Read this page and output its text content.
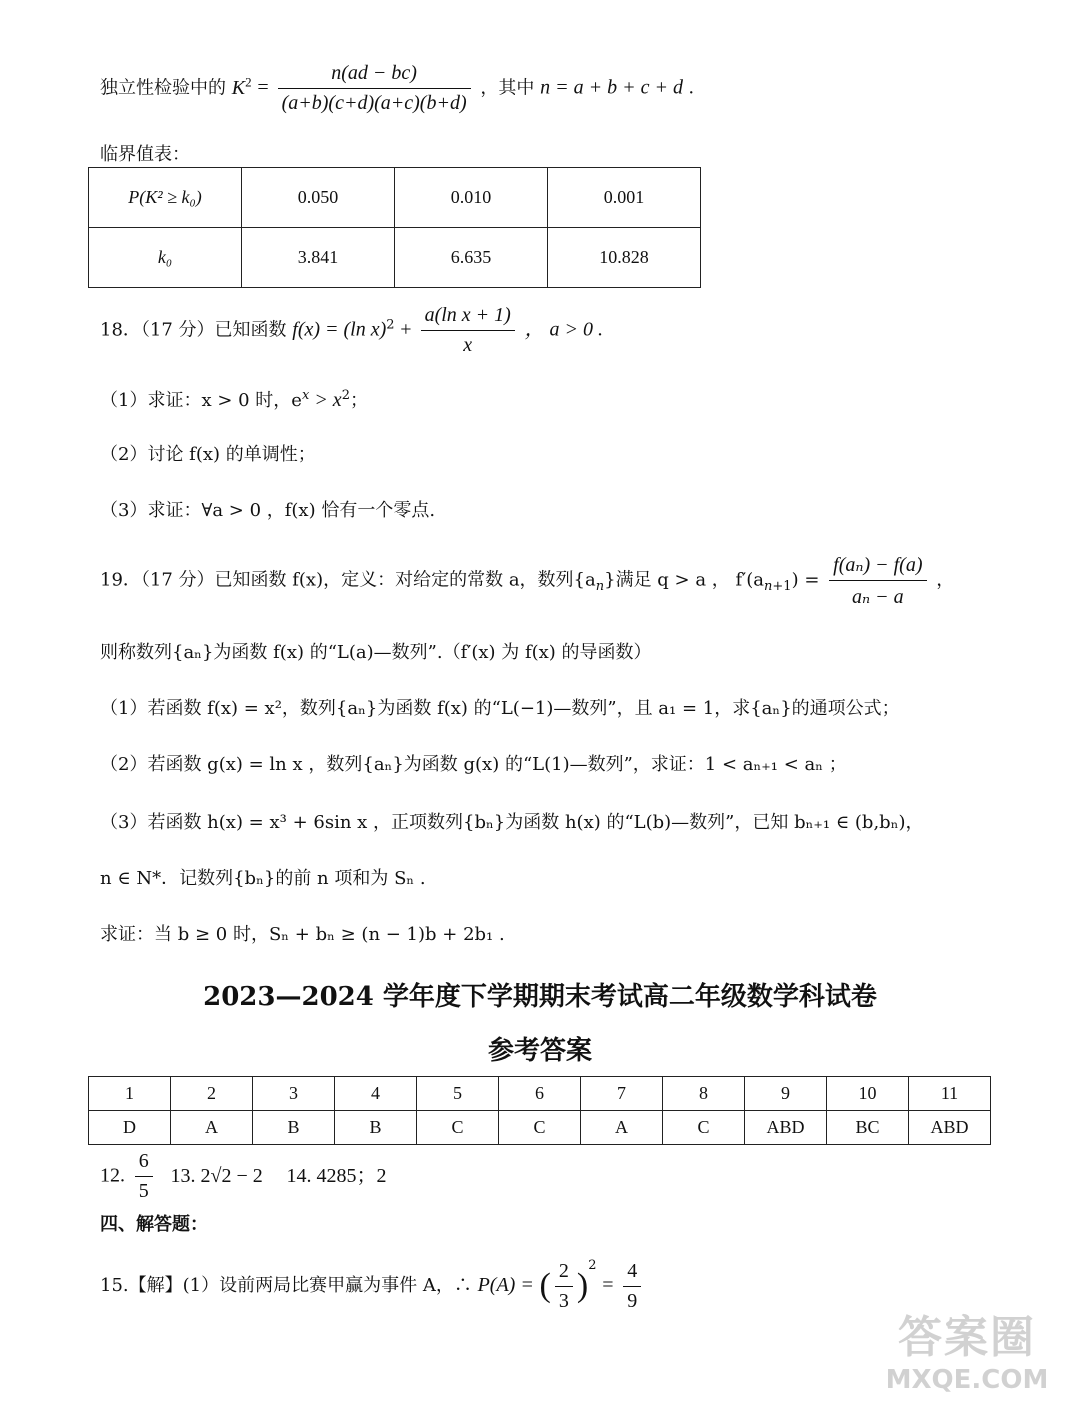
独立性检验中的 $K^2 = \frac{n(ad - bc)}{(a+b)(c+d)(a+c)(b+d)}$ ，其中 n = a + b + c + d .
临界值表：
P(K² ≥ k₀)	0.050	0.010	0.001
k₀	3.841	6.635	10.828
18．（17 分）已知函数 f(x) = (ln $x)^2 + \frac{\text{a(ln x + 1)}}{x}$ ， a > 0 .
（1）求证：x > 0 时，$e^x > x^2$；
（2）讨论 f(x) 的单调性；
（3）求证：∀a > 0 ，f(x) 恰有一个零点.
19．（17 分）已知函数 f(x)，定义：对给定的常数 a，数列$\{a_n\}$满足 q > a ， $f'(a_{n+1}) = \frac{\text{f(aₙ) − f(a)}}{\text{aₙ − a}}$ ，
则称数列{aₙ}为函数 f(x) 的“L(a)—数列”.（f′(x) 为 f(x) 的导函数）
（1）若函数 f(x) = x²，数列{aₙ}为函数 f(x) 的“L(−1)—数列”，且 a₁ = 1，求{aₙ}的通项公式；
（2）若函数 g(x) = ln x ，数列{aₙ}为函数 g(x) 的“L(1)—数列”，求证：1 < aₙ₊₁ < aₙ ；
（3）若函数 h(x) = x³ + 6sin x ，正项数列{bₙ}为函数 h(x) 的“L(b)—数列”，已知 bₙ₊₁ ∈ (b,bₙ)，
n ∈ N*．记数列{bₙ}的前 n 项和为 Sₙ .
求证：当 b ≥ 0 时，Sₙ + bₙ ≥ (n − 1)b + 2b₁ .
2023—2024 学年度下学期期末考试高二年级数学科试卷
参考答案
1	2	3	4	5	6	7	8	9	10	11
D	A	B	B	C	C	A	C	ABD	BC	ABD
12. $\frac{6}{5} 13$. 2√2 − 2 14. 4285；2
四、解答题：
15.【解】(1）设前两局比赛甲赢为事件 A，∴ P(A) = ( $\frac{2}{3} )^2 = \frac{4}{9}$
答案圈
MXQE.COM
